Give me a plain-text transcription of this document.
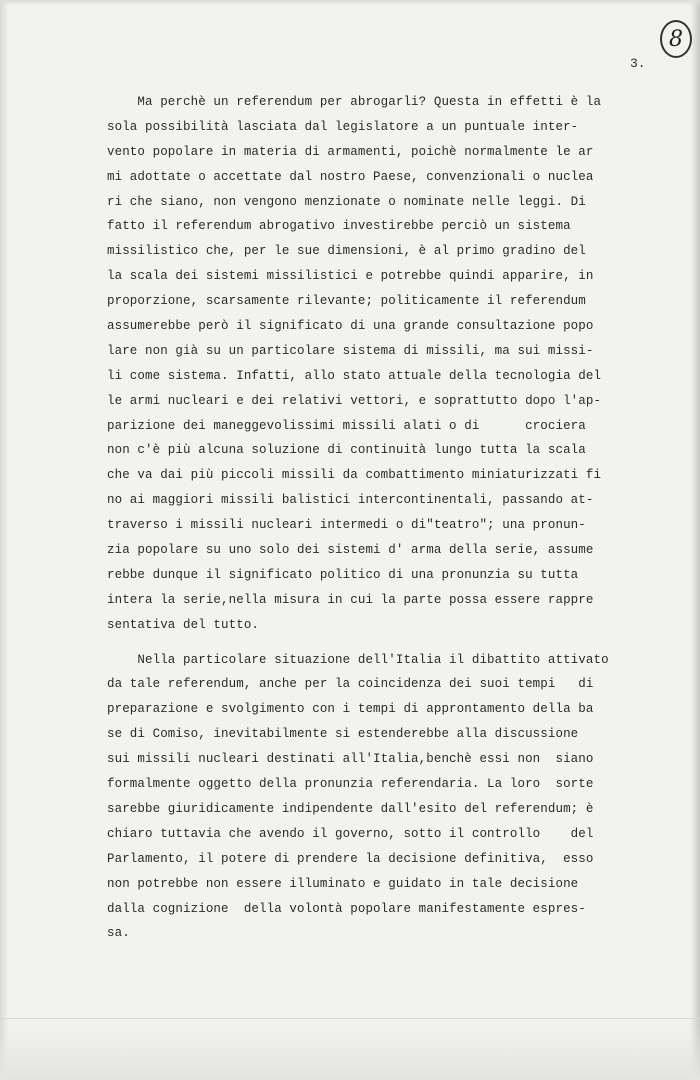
8
3.
Ma perchè un referendum per abrogarli? Questa in effetti è la
sola possibilità lasciata dal legislatore a un puntuale inter-
vento popolare in materia di armamenti, poichè normalmente le ar
mi adottate o accettate dal nostro Paese, convenzionali o nuclea
ri che siano, non vengono menzionate o nominate nelle leggi. Di
fatto il referendum abrogativo investirebbe perciò un sistema
missilistico che, per le sue dimensioni, è al primo gradino del
la scala dei sistemi missilistici e potrebbe quindi apparire, in
proporzione, scarsamente rilevante; politicamente il referendum
assumerebbe però il significato di una grande consultazione popo
lare non già su un particolare sistema di missili, ma sui missi-
li come sistema. Infatti, allo stato attuale della tecnologia del
le armi nucleari e dei relativi vettori, e soprattutto dopo l'ap-
parizione dei maneggevolissimi missili alati o di      crociera
non c'è più alcuna soluzione di continuità lungo tutta la scala
che va dai più piccoli missili da combattimento miniaturizzati fi
no ai maggiori missili balistici intercontinentali, passando at-
traverso i missili nucleari intermedi o di"teatro"; una pronun-
zia popolare su uno solo dei sistemi d' arma della serie, assume
rebbe dunque il significato politico di una pronunzia su tutta
intera la serie,nella misura in cui la parte possa essere rappre
sentativa del tutto.
Nella particolare situazione dell'Italia il dibattito attivato
da tale referendum, anche per la coincidenza dei suoi tempi   di
preparazione e svolgimento con i tempi di approntamento della ba
se di Comiso, inevitabilmente si estenderebbe alla discussione
sui missili nucleari destinati all'Italia,benchè essi non  siano
formalmente oggetto della pronunzia referendaria. La loro  sorte
sarebbe giuridicamente indipendente dall'esito del referendum; è
chiaro tuttavia che avendo il governo, sotto il controllo    del
Parlamento, il potere di prendere la decisione definitiva,  esso
non potrebbe non essere illuminato e guidato in tale decisione
dalla cognizione  della volontà popolare manifestamente espres-
sa.
